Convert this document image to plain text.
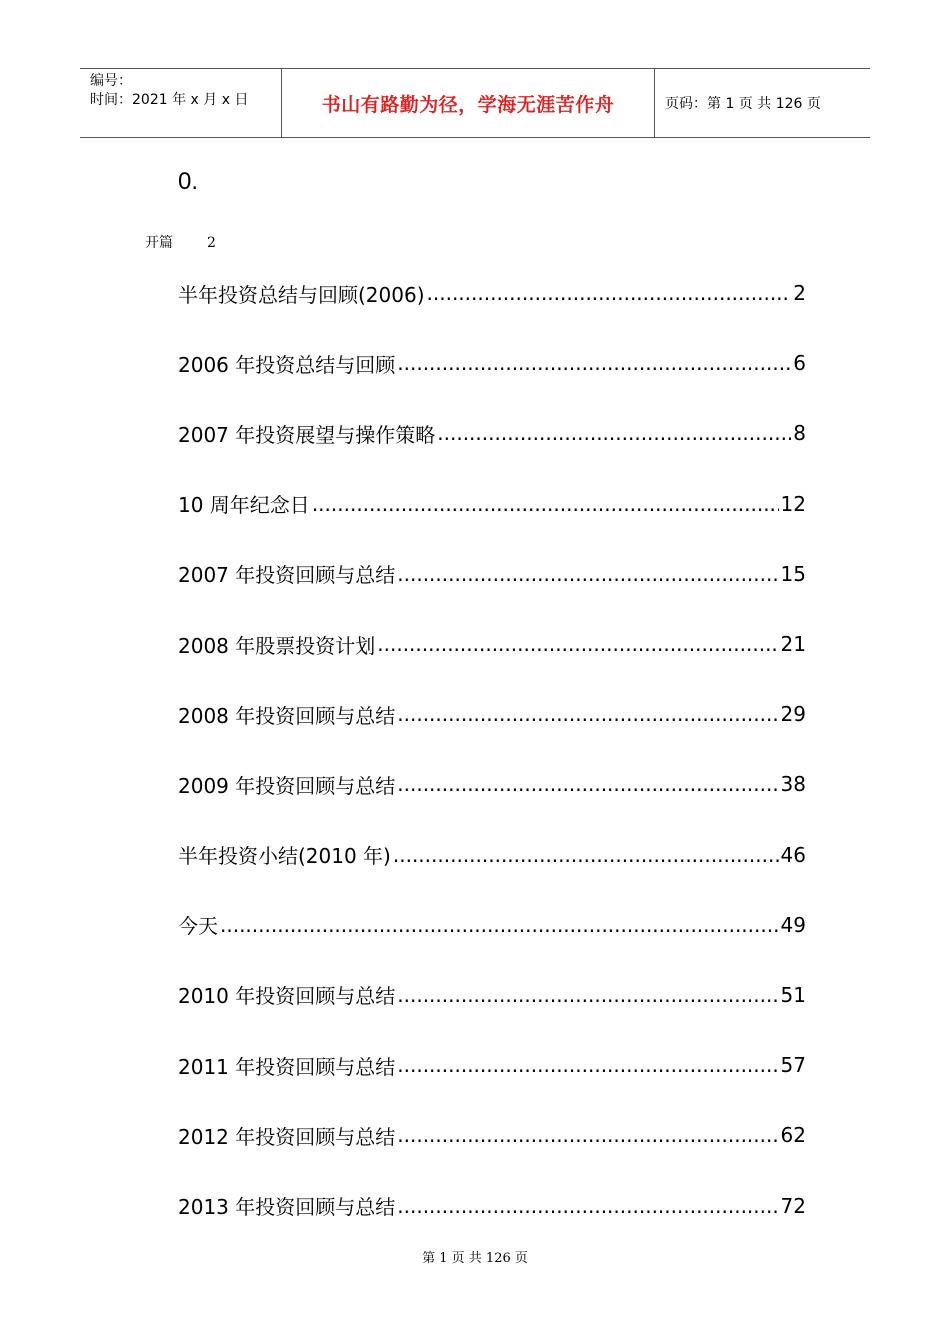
编号：
时间：2021 年 x 月 x 日	书山有路勤为径，学海无涯苦作舟	页码：第 1 页 共 126 页
0.
开篇 2
半年投资总结与回顾(2006) .....	2
2006 年投资总结与回顾 .....	6
2007 年投资展望与操作策略 .....	8
10 周年纪念日 .....	12
2007 年投资回顾与总结 .....	15
2008 年股票投资计划 .....	21
2008 年投资回顾与总结 .....	29
2009 年投资回顾与总结 .....	38
半年投资小结(2010 年) .....	46
今天 .....	49
2010 年投资回顾与总结 .....	51
2011 年投资回顾与总结 .....	57
2012 年投资回顾与总结 .....	62
2013 年投资回顾与总结 .....	72
第 1 页 共 126 页
